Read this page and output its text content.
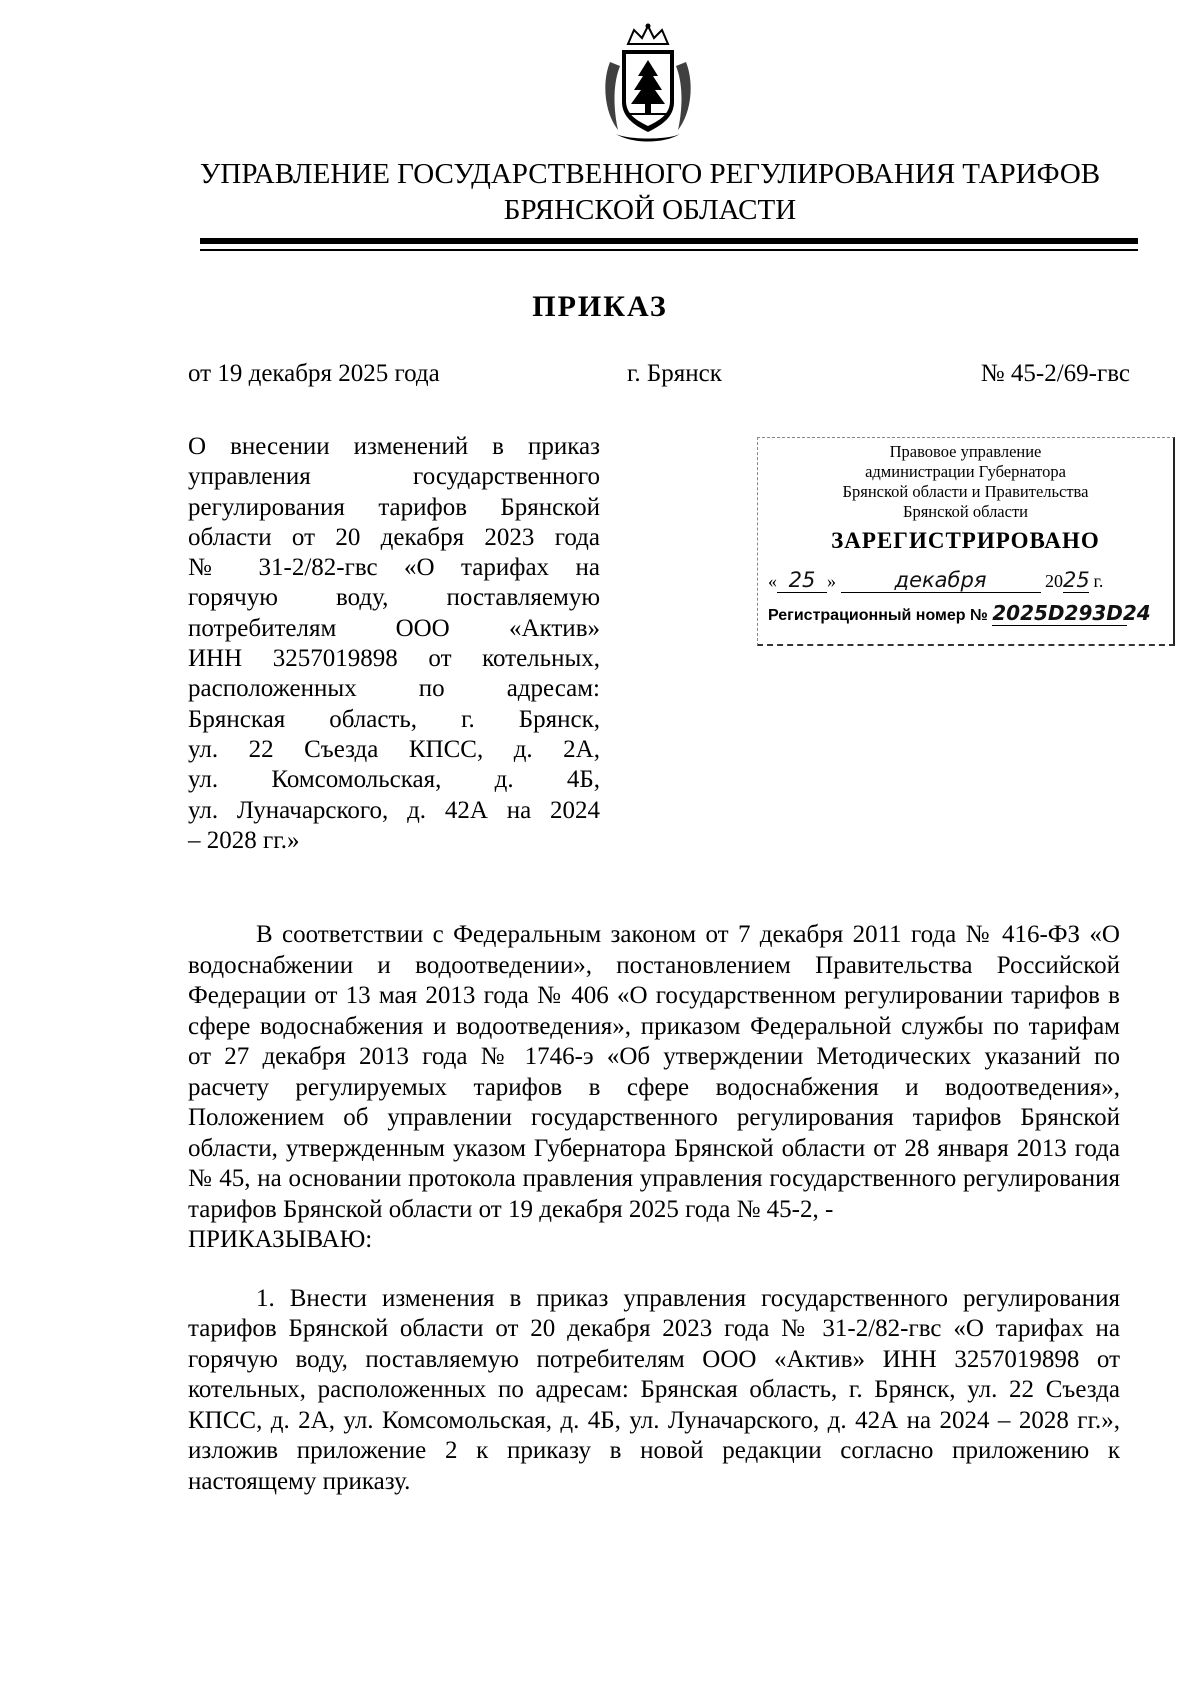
УПРАВЛЕНИЕ ГОСУДАРСТВЕННОГО РЕГУЛИРОВАНИЯ ТАРИФОВ
БРЯНСКОЙ ОБЛАСТИ
ПРИКАЗ
от 19 декабря 2025 года	г. Брянск	№ 45-2/69-гвс
О внесении изменений в приказ
управления государственного
регулирования тарифов Брянской
области от 20 декабря 2023 года
№ 31-2/82-гвс «О тарифах на
горячую воду, поставляемую
потребителям ООО «Актив»
ИНН 3257019898 от котельных,
расположенных по адресам:
Брянская область, г. Брянск,
ул. 22 Съезда КПСС, д. 2А,
ул. Комсомольская, д. 4Б,
ул. Луначарского, д. 42А на 2024
– 2028 гг.»
Правовое управление
администрации Губернатора
Брянской области и Правительства
Брянской области
ЗАРЕГИСТРИРОВАНО
« 25 »	декабря	2025 г.
Регистрационный номер № 2025D293D24

В соответствии с Федеральным законом от 7 декабря 2011 года № 416-ФЗ «О водоснабжении и водоотведении», постановлением Правительства Российской Федерации от 13 мая 2013 года № 406 «О государственном регулировании тарифов в сфере водоснабжения и водоотведения», приказом Федеральной службы по тарифам от 27 декабря 2013 года № 1746-э «Об утверждении Методических указаний по расчету регулируемых тарифов в сфере водоснабжения и водоотведения», Положением об управлении государственного регулирования тарифов Брянской области, утвержденным указом Губернатора Брянской области от 28 января 2013 года № 45, на основании протокола правления управления государственного регулирования тарифов Брянской области от 19 декабря 2025 года № 45-2, -

ПРИКАЗЫВАЮ:

1. Внести изменения в приказ управления государственного регулирования тарифов Брянской области от 20 декабря 2023 года № 31-2/82-гвс «О тарифах на горячую воду, поставляемую потребителям ООО «Актив» ИНН 3257019898 от котельных, расположенных по адресам: Брянская область, г. Брянск, ул. 22 Съезда КПСС, д. 2А, ул. Комсомольская, д. 4Б, ул. Луначарского, д. 42А на 2024 – 2028 гг.», изложив приложение 2 к приказу в новой редакции согласно приложению к настоящему приказу.
